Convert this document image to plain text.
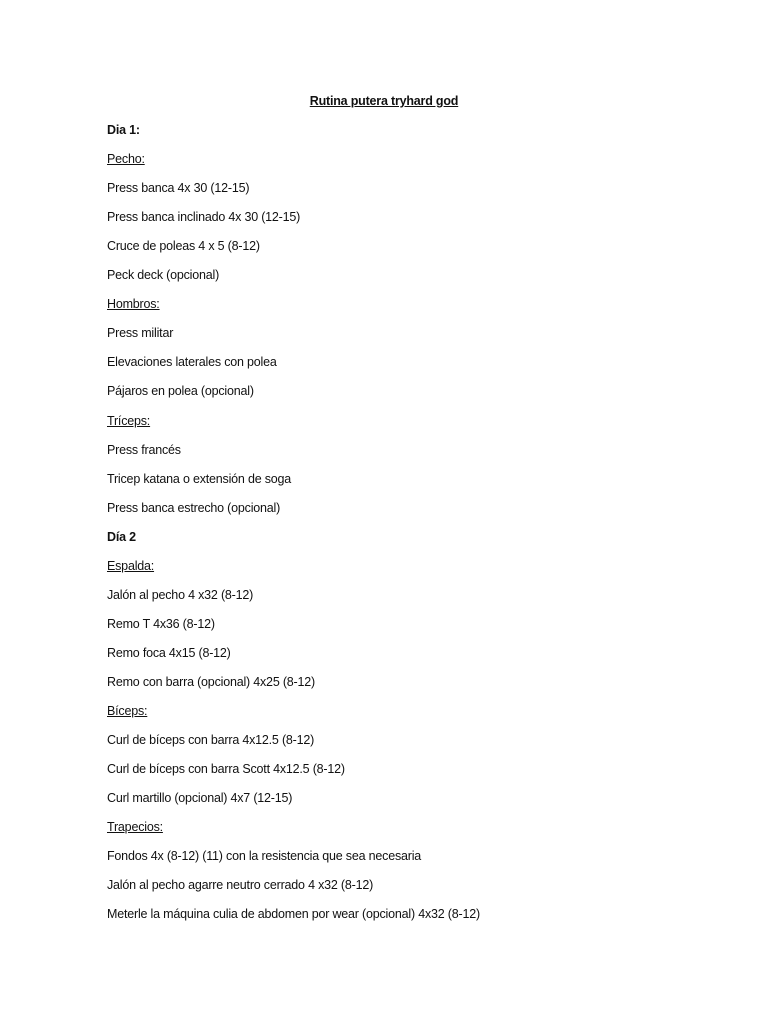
Rutina putera tryhard god
Dia 1:
Pecho:
Press banca 4x 30 (12-15)
Press banca inclinado 4x 30 (12-15)
Cruce de poleas 4 x 5 (8-12)
Peck deck (opcional)
Hombros:
Press militar
Elevaciones laterales con polea
Pájaros en polea (opcional)
Tríceps:
Press francés
Tricep katana o extensión de soga
Press banca estrecho (opcional)
Día 2
Espalda:
Jalón al pecho 4 x32 (8-12)
Remo T 4x36 (8-12)
Remo foca 4x15 (8-12)
Remo con barra (opcional) 4x25 (8-12)
Bíceps:
Curl de bíceps con barra 4x12.5 (8-12)
Curl de bíceps con barra Scott 4x12.5 (8-12)
Curl martillo (opcional) 4x7 (12-15)
Trapecios:
Fondos 4x (8-12) (11) con la resistencia que sea necesaria
Jalón al pecho agarre neutro cerrado 4 x32 (8-12)
Meterle la máquina culia de abdomen por wear (opcional) 4x32 (8-12)
